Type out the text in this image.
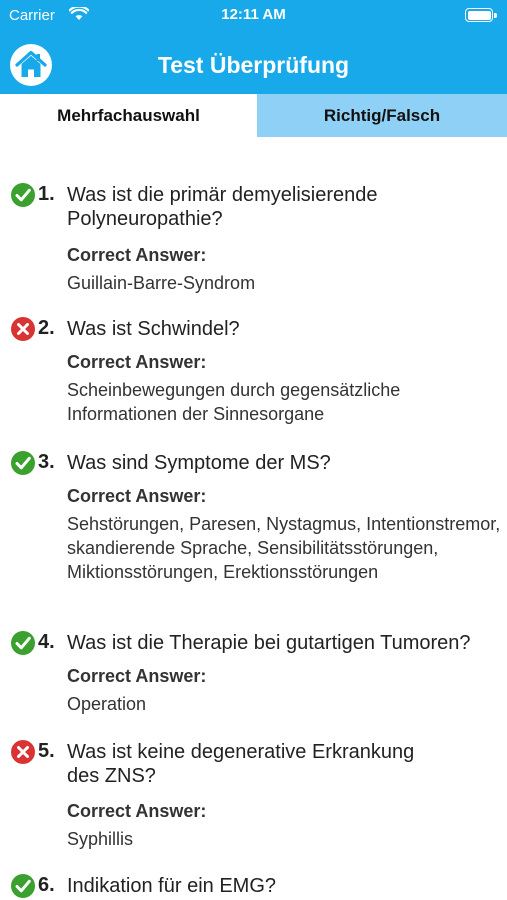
Carrier	12:11 AM
Test Überprüfung
Mehrfachauswahl	Richtig/Falsch
1. Was ist die primär demyelisierende Polyneuropathie?
Correct Answer:
Guillain-Barre-Syndrom
2. Was ist Schwindel?
Correct Answer:
Scheinbewegungen durch gegensätzliche Informationen der Sinnesorgane
3. Was sind Symptome der MS?
Correct Answer:
Sehstörungen, Paresen, Nystagmus, Intentionstremor, skandierende Sprache, Sensibilitätsstörungen, Miktionsstörungen, Erektionsstörungen
4. Was ist die Therapie bei gutartigen Tumoren?
Correct Answer:
Operation
5. Was ist keine degenerative Erkrankung des ZNS?
Correct Answer:
Syphillis
6. Indikation für ein EMG?
